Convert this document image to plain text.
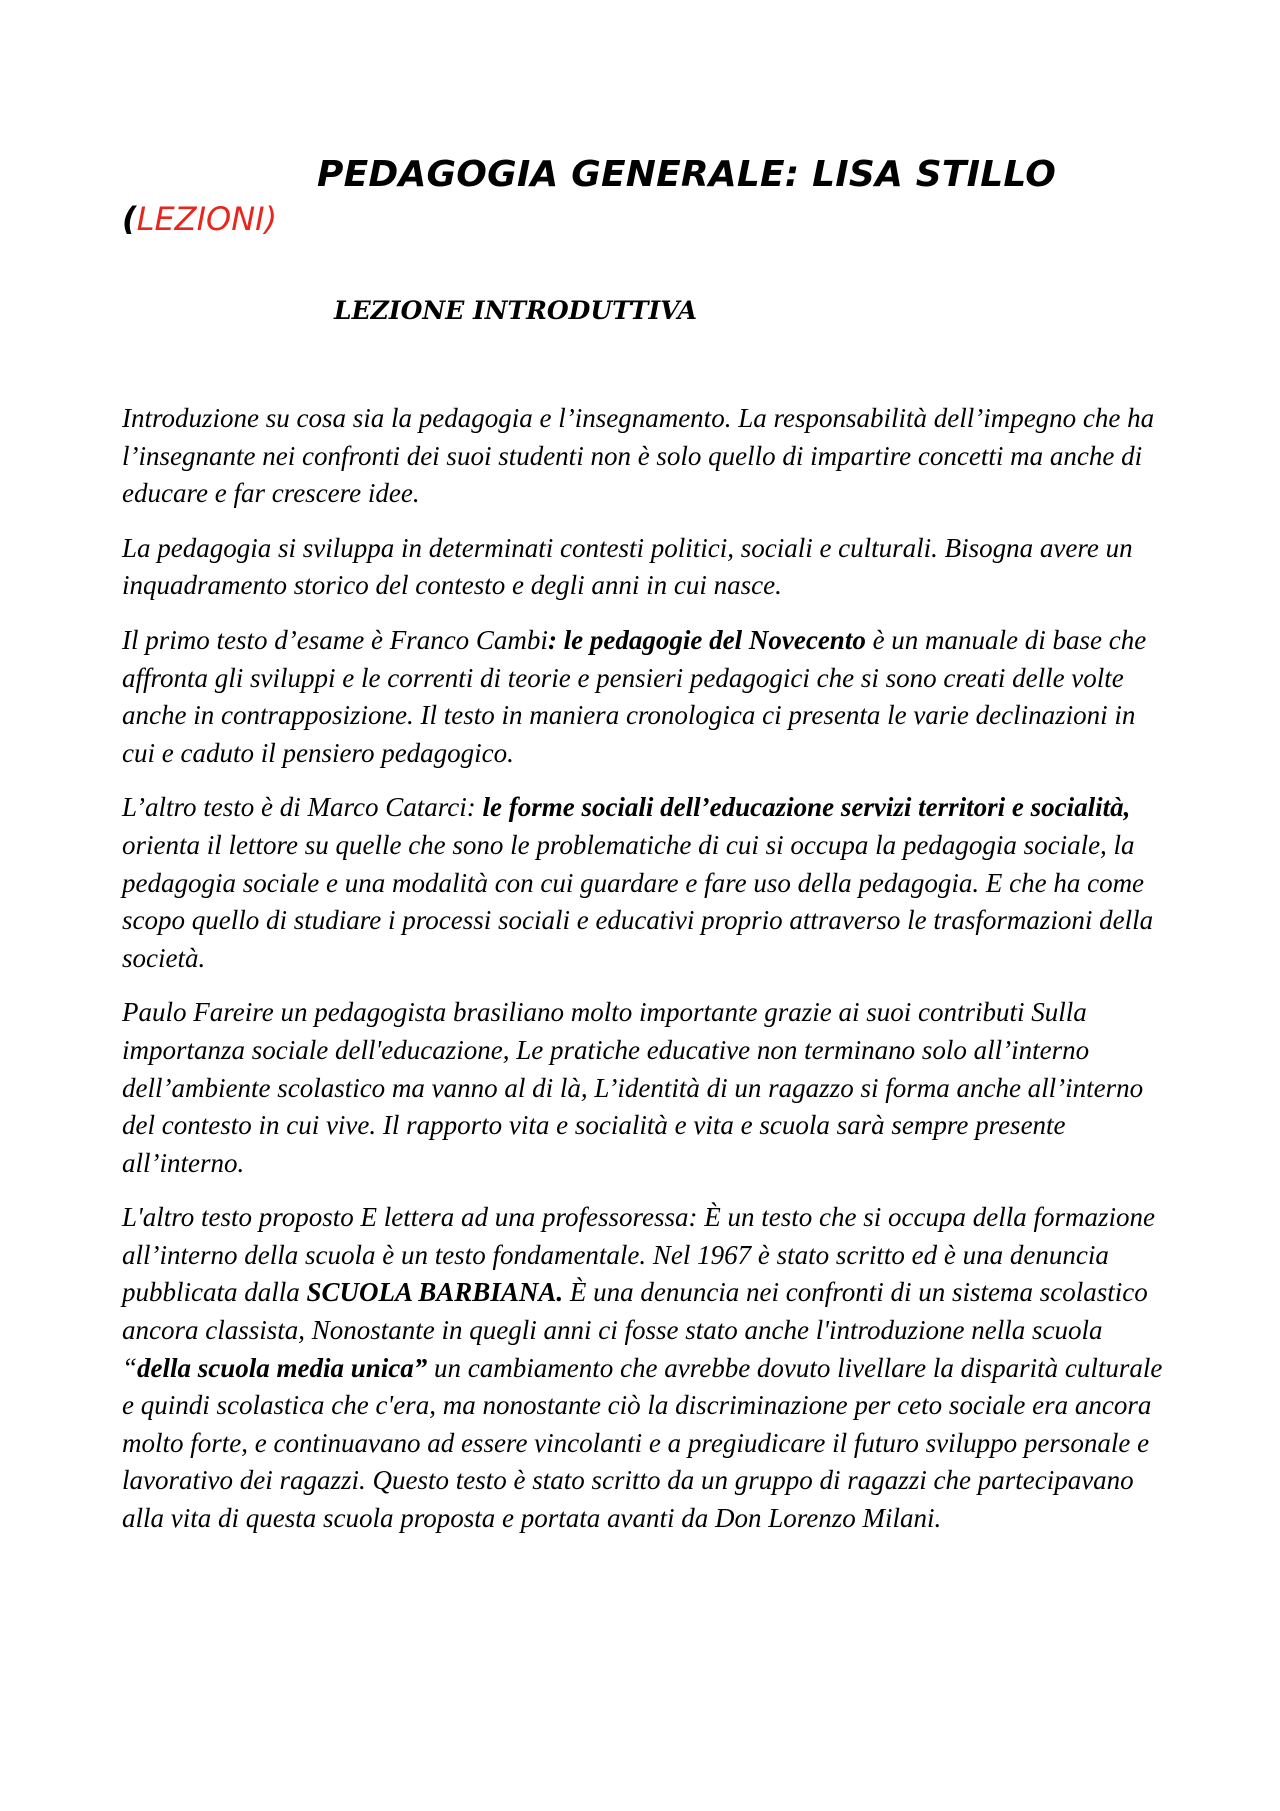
PEDAGOGIA GENERALE: LISA STILLO
(LEZIONI)
LEZIONE INTRODUTTIVA

Introduzione su cosa sia la pedagogia e l’insegnamento. La responsabilità dell’impegno che ha l’insegnante nei confronti dei suoi studenti non è solo quello di impartire concetti ma anche di educare e far crescere idee.

La pedagogia si sviluppa in determinati contesti politici, sociali e culturali. Bisogna avere un inquadramento storico del contesto e degli anni in cui nasce.

Il primo testo d’esame è Franco Cambi: le pedagogie del Novecento è un manuale di base che affronta gli sviluppi e le correnti di teorie e pensieri pedagogici che si sono creati delle volte anche in contrapposizione. Il testo in maniera cronologica ci presenta le varie declinazioni in cui e caduto il pensiero pedagogico.

L’altro testo è di Marco Catarci: le forme sociali dell’educazione servizi territori e socialità, orienta il lettore su quelle che sono le problematiche di cui si occupa la pedagogia sociale, la pedagogia sociale e una modalità con cui guardare e fare uso della pedagogia. E che ha come scopo quello di studiare i processi sociali e educativi proprio attraverso le trasformazioni della società.

Paulo Fareire un pedagogista brasiliano molto importante grazie ai suoi contributi Sulla importanza sociale dell'educazione, Le pratiche educative non terminano solo all’interno dell’ambiente scolastico ma vanno al di là, L’identità di un ragazzo si forma anche all’interno del contesto in cui vive. Il rapporto vita e socialità e vita e scuola sarà sempre presente all’interno.

L'altro testo proposto E lettera ad una professoressa: È un testo che si occupa della formazione all’interno della scuola è un testo fondamentale. Nel 1967 è stato scritto ed è una denuncia pubblicata dalla SCUOLA BARBIANA. È una denuncia nei confronti di un sistema scolastico ancora classista, Nonostante in quegli anni ci fosse stato anche l'introduzione nella scuola “della scuola media unica” un cambiamento che avrebbe dovuto livellare la disparità culturale e quindi scolastica che c'era, ma nonostante ciò la discriminazione per ceto sociale era ancora molto forte, e continuavano ad essere vincolanti e a pregiudicare il futuro sviluppo personale e lavorativo dei ragazzi. Questo testo è stato scritto da un gruppo di ragazzi che partecipavano alla vita di questa scuola proposta e portata avanti da Don Lorenzo Milani.
